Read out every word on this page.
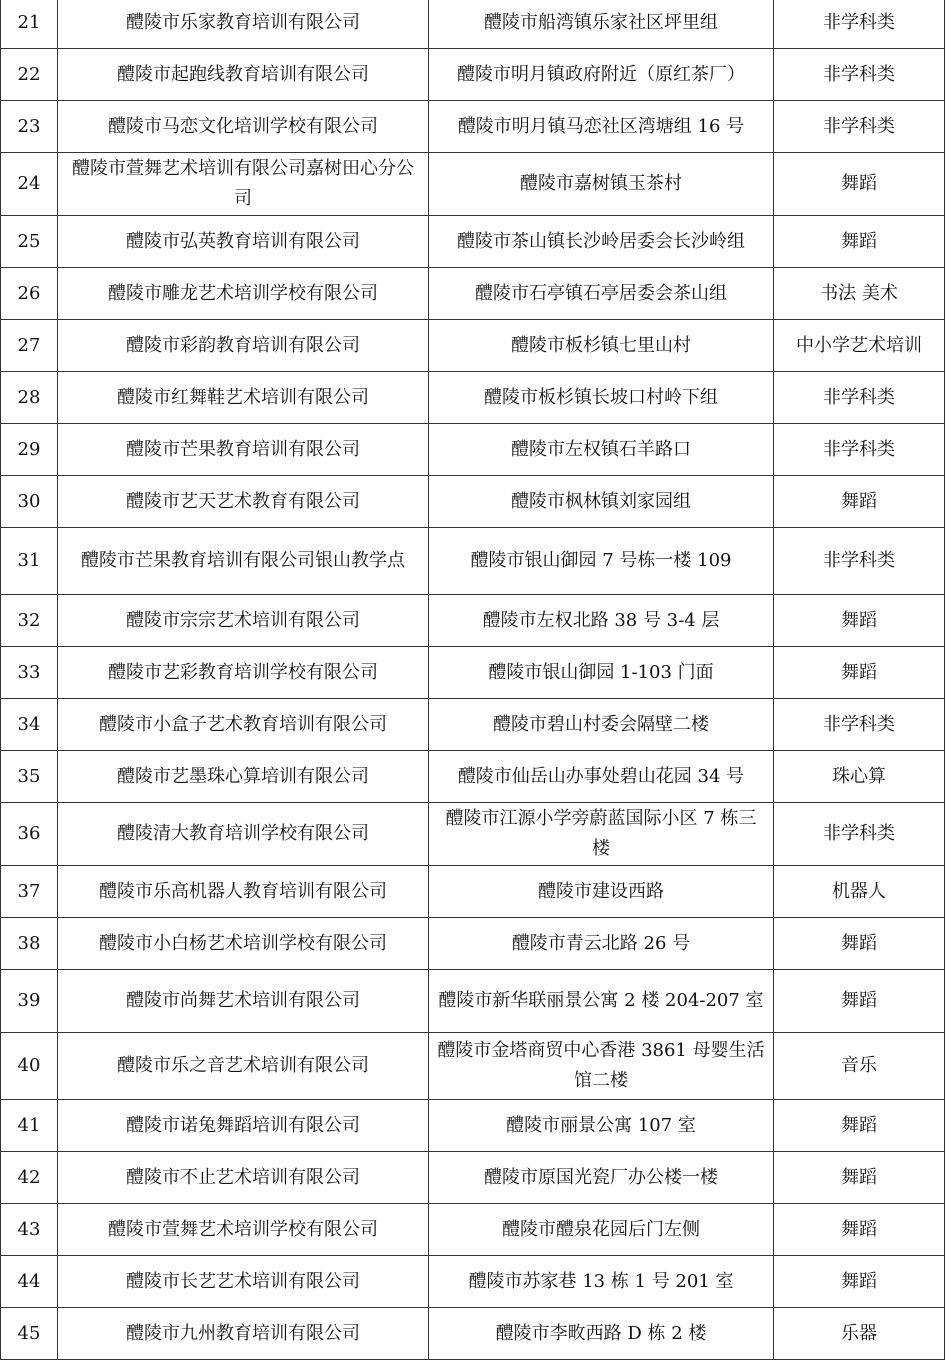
21	醴陵市乐家教育培训有限公司	醴陵市船湾镇乐家社区坪里组	非学科类
22	醴陵市起跑线教育培训有限公司	醴陵市明月镇政府附近（原红茶厂）	非学科类
23	醴陵市马恋文化培训学校有限公司	醴陵市明月镇马恋社区湾塘组 16 号	非学科类
24	醴陵市萱舞艺术培训有限公司嘉树田心分公司	醴陵市嘉树镇玉茶村	舞蹈
25	醴陵市弘英教育培训有限公司	醴陵市茶山镇长沙岭居委会长沙岭组	舞蹈
26	醴陵市雕龙艺术培训学校有限公司	醴陵市石亭镇石亭居委会茶山组	书法 美术
27	醴陵市彩韵教育培训有限公司	醴陵市板杉镇七里山村	中小学艺术培训
28	醴陵市红舞鞋艺术培训有限公司	醴陵市板杉镇长坡口村岭下组	非学科类
29	醴陵市芒果教育培训有限公司	醴陵市左权镇石羊路口	非学科类
30	醴陵市艺天艺术教育有限公司	醴陵市枫林镇刘家园组	舞蹈
31	醴陵市芒果教育培训有限公司银山教学点	醴陵市银山御园 7 号栋一楼 109	非学科类
32	醴陵市宗宗艺术培训有限公司	醴陵市左权北路 38 号 3-4 层	舞蹈
33	醴陵市艺彩教育培训学校有限公司	醴陵市银山御园 1-103 门面	舞蹈
34	醴陵市小盒子艺术教育培训有限公司	醴陵市碧山村委会隔壁二楼	非学科类
35	醴陵市艺墨珠心算培训有限公司	醴陵市仙岳山办事处碧山花园 34 号	珠心算
36	醴陵清大教育培训学校有限公司	醴陵市江源小学旁蔚蓝国际小区 7 栋三楼	非学科类
37	醴陵市乐高机器人教育培训有限公司	醴陵市建设西路	机器人
38	醴陵市小白杨艺术培训学校有限公司	醴陵市青云北路 26 号	舞蹈
39	醴陵市尚舞艺术培训有限公司	醴陵市新华联丽景公寓 2 楼 204-207 室	舞蹈
40	醴陵市乐之音艺术培训有限公司	醴陵市金塔商贸中心香港 3861 母婴生活馆二楼	音乐
41	醴陵市诺兔舞蹈培训有限公司	醴陵市丽景公寓 107 室	舞蹈
42	醴陵市不止艺术培训有限公司	醴陵市原国光瓷厂办公楼一楼	舞蹈
43	醴陵市萱舞艺术培训学校有限公司	醴陵市醴泉花园后门左侧	舞蹈
44	醴陵市长艺艺术培训有限公司	醴陵市苏家巷 13 栋 1 号 201 室	舞蹈
45	醴陵市九州教育培训有限公司	醴陵市李畋西路 D 栋 2 楼	乐器
